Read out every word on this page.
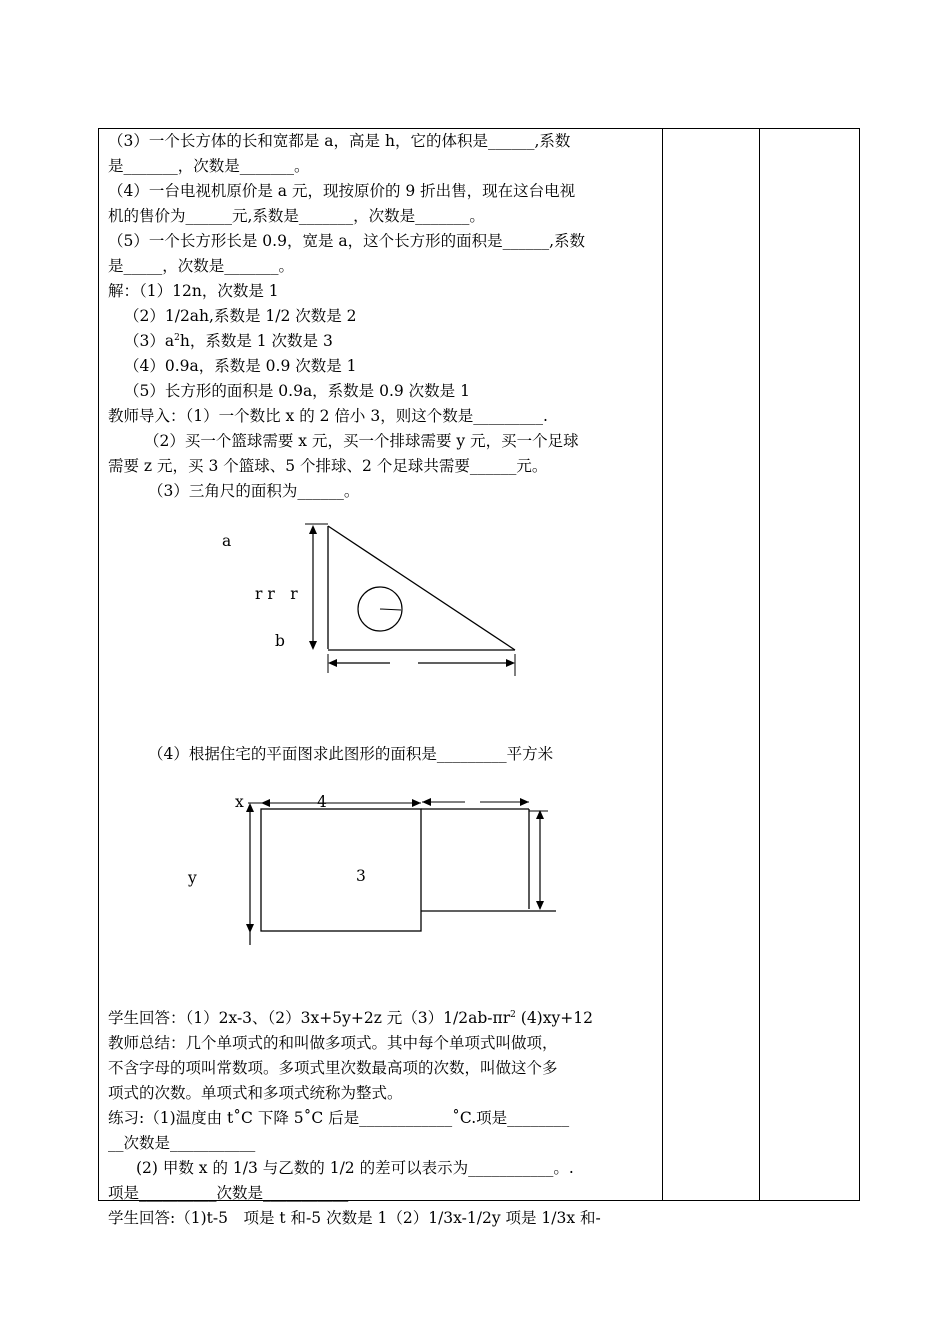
（3）一个长方体的长和宽都是 a，高是 h，它的体积是______,系数

是_______，次数是_______。

（4）一台电视机原价是 a 元，现按原价的 9 折出售，现在这台电视

机的售价为______元,系数是_______，次数是_______。

（5）一个长方形长是 0.9，宽是 a，这个长方形的面积是______,系数

是_____，次数是_______。

解：（1）12n，次数是 1

（2）1/2ah,系数是 1/2 次数是 2

$(3)a^2h$，系数是 1 次数是 3

（4）0.9a，系数是 0.9 次数是 1

（5）长方形的面积是 0.9a，系数是 0.9 次数是 1

教师导入：（1）一个数比 x 的 2 倍小 3，则这个数是_________.

（2）买一个篮球需要 x 元，买一个排球需要 y 元，买一个足球

需要 z 元，买 3 个篮球、5 个排球、2 个足球共需要______元。

（3）三角尺的面积为______。

a
r r　r
b

（4）根据住宅的平面图求此图形的面积是_________平方米

x	4
y	3

学生回答：（1）2x-3、（2）3x+5y+2z 元$(3)1/2ab-\pi r^2$ (4)xy+12

教师总结：几个单项式的和叫做多项式。其中每个单项式叫做项，

不含字母的项叫常数项。多项式里次数最高项的次数，叫做这个多

项式的次数。单项式和多项式统称为整式。

练习:（1)温度由 t˚C 下降 5˚C 后是____________˚C.项是________

__次数是___________

(2) 甲数 x 的 1/3 与乙数的 1/2 的差可以表示为___________。.

项是__________次数是___________

学生回答:（1)t-5　项是 t 和-5 次数是 1（2）1/3x-1/2y 项是 1/3x 和-
